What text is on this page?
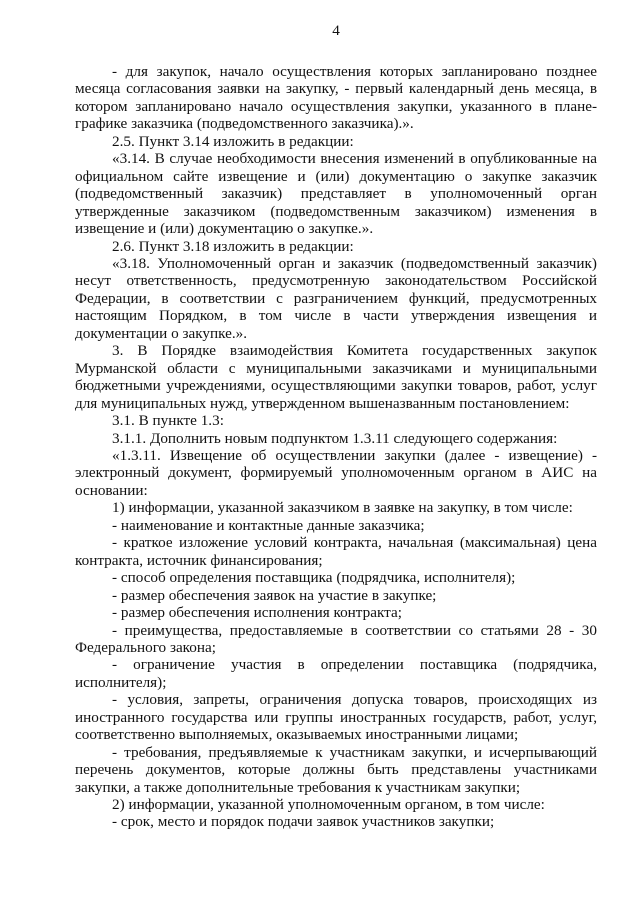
4

- для закупок, начало осуществления которых запланировано позднее месяца согласования заявки на закупку, - первый календарный день месяца, в котором запланировано начало осуществления закупки, указанного в плане-графике заказчика (подведомственного заказчика).».

2.5. Пункт 3.14 изложить в редакции:

«3.14. В случае необходимости внесения изменений в опубликованные на официальном сайте извещение и (или) документацию о закупке заказчик (подведомственный заказчик) представляет в уполномоченный орган утвержденные заказчиком (подведомственным заказчиком) изменения в извещение и (или) документацию о закупке.».

2.6. Пункт 3.18 изложить в редакции:

«3.18. Уполномоченный орган и заказчик (подведомственный заказчик) несут ответственность, предусмотренную законодательством Российской Федерации, в соответствии с разграничением функций, предусмотренных настоящим Порядком, в том числе в части утверждения извещения и документации о закупке.».

3. В Порядке взаимодействия Комитета государственных закупок Мурманской области с муниципальными заказчиками и муниципальными бюджетными учреждениями, осуществляющими закупки товаров, работ, услуг для муниципальных нужд, утвержденном вышеназванным постановлением:

3.1. В пункте 1.3:

3.1.1. Дополнить новым подпунктом 1.3.11 следующего содержания:

«1.3.11. Извещение об осуществлении закупки (далее - извещение) - электронный документ, формируемый уполномоченным органом в АИС на основании:

1) информации, указанной заказчиком в заявке на закупку, в том числе:

- наименование и контактные данные заказчика;

- краткое изложение условий контракта, начальная (максимальная) цена контракта, источник финансирования;

- способ определения поставщика (подрядчика, исполнителя);

- размер обеспечения заявок на участие в закупке;

- размер обеспечения исполнения контракта;

- преимущества, предоставляемые в соответствии со статьями 28 - 30 Федерального закона;

- ограничение участия в определении поставщика (подрядчика, исполнителя);

- условия, запреты, ограничения допуска товаров, происходящих из иностранного государства или группы иностранных государств, работ, услуг, соответственно выполняемых, оказываемых иностранными лицами;

- требования, предъявляемые к участникам закупки, и исчерпывающий перечень документов, которые должны быть представлены участниками закупки, а также дополнительные требования к участникам закупки;

2) информации, указанной уполномоченным органом, в том числе:

- срок, место и порядок подачи заявок участников закупки;
